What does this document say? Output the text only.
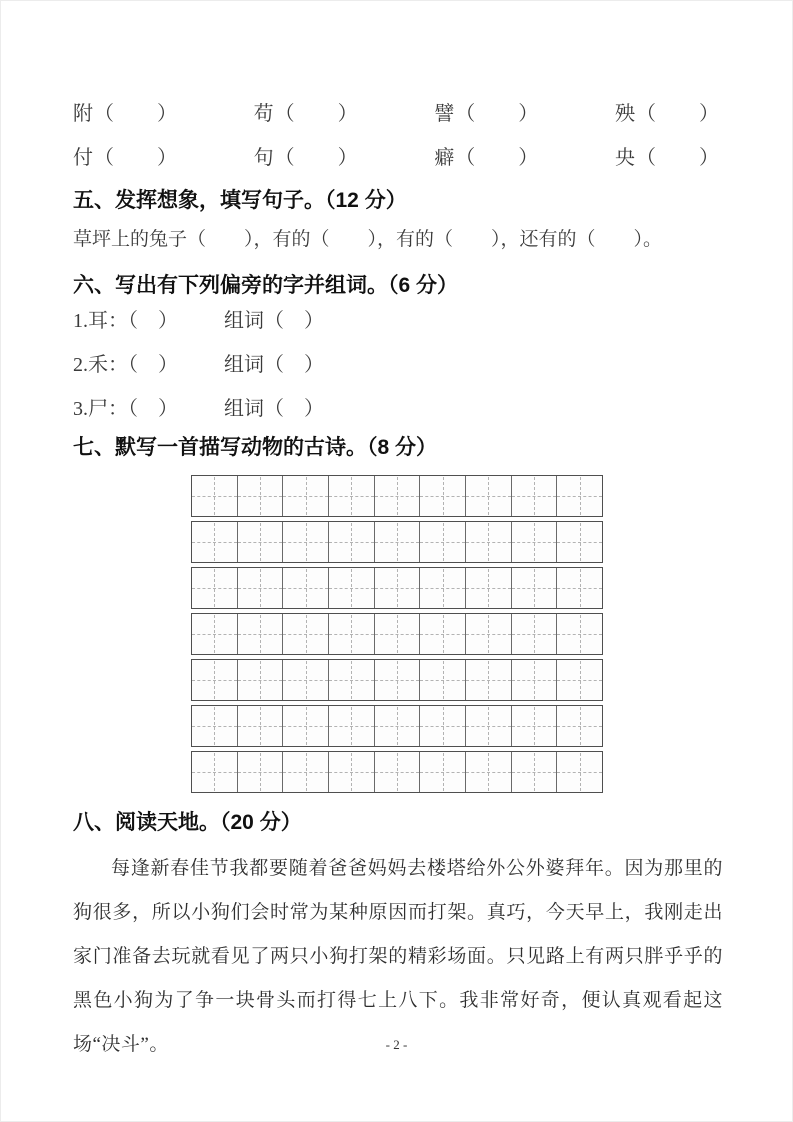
附（　　）	苟（　　）	譬（　　）	殃（　　）
付（　　）	句（　　）	癖（　　）	央（　　）
五、发挥想象，填写句子。（12 分）
草坪上的兔子（　　），有的（　　），有的（　　），还有的（　　）。
六、写出有下列偏旁的字并组词。（6 分）
1.耳：（　） 组词（　）
2.禾：（　） 组词（　）
3.尸：（　） 组词（　）
七、默写一首描写动物的古诗。（8 分）
八、阅读天地。（20 分）

每逢新春佳节我都要随着爸爸妈妈去楼塔给外公外婆拜年。因为那里的狗很多，所以小狗们会时常为某种原因而打架。真巧，今天早上，我刚走出家门准备去玩就看见了两只小狗打架的精彩场面。只见路上有两只胖乎乎的黑色小狗为了争一块骨头而打得七上八下。我非常好奇，便认真观看起这场“决斗”。	- 2 -
